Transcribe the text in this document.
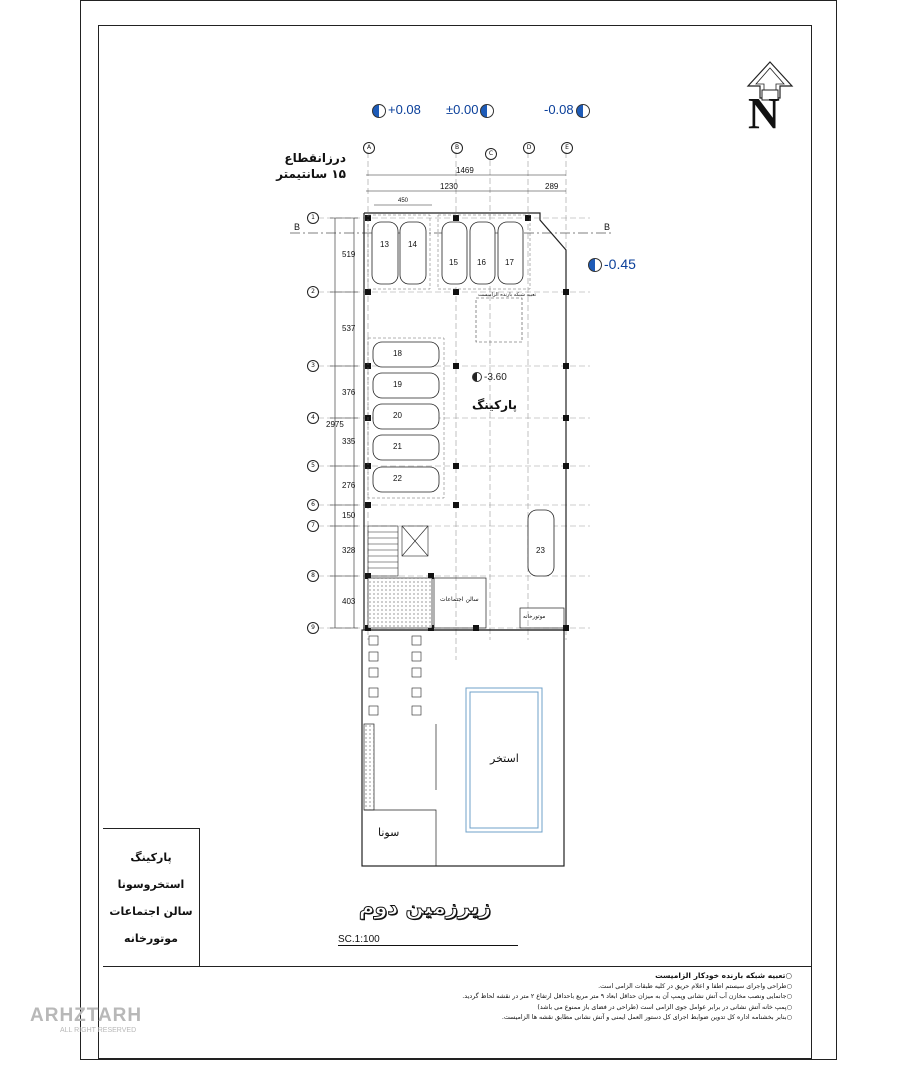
A	B
C
D	E
1
2
3
4
5
6
7
8
9
B	B
+0.08 ±0.00	-0.08
-0.45
-3.60
درزانقطاع
۱۵ سانتیمتر	1469
1230	289
450
519
537
376
335
276
150
328
403
2975
13 14
15 16 17
18
19
20
21
22
23
پارکینگ
سالن اجتماعات
استخر
سونا
موتورخانه
تعبیه شبکه بارنده الزامیست
N
پارکینگ
استخروسونا
سالن اجتماعات
موتورخانه
زیرزمین دوم
SC.1:100
○ تعبیه شبکه بارنده خودکار الزامیست
○ طراحی واجرای سیستم اطفا و اعلام حریق در کلیه طبقات الزامی است.
○ جانمایی ونصب مخازن آب آتش نشانی وپمپ آن به میزان حداقل ابعاد ۹ متر مربع باحداقل ارتفاع ۲ متر در نقشه لحاظ گردید.
○ پمپ خانه آتش نشانی در برابر عوامل جوی الزامی است (طراحی در فضای باز ممنوع می باشد)
○ بنابر بخشنامه اداره کل تدوین ضوابط اجرای کل دستور العمل ایمنی و آتش نشانی مطابق نقشه ها الزامیست.
ARHZTARH
ALL RIGHT RESERVED
